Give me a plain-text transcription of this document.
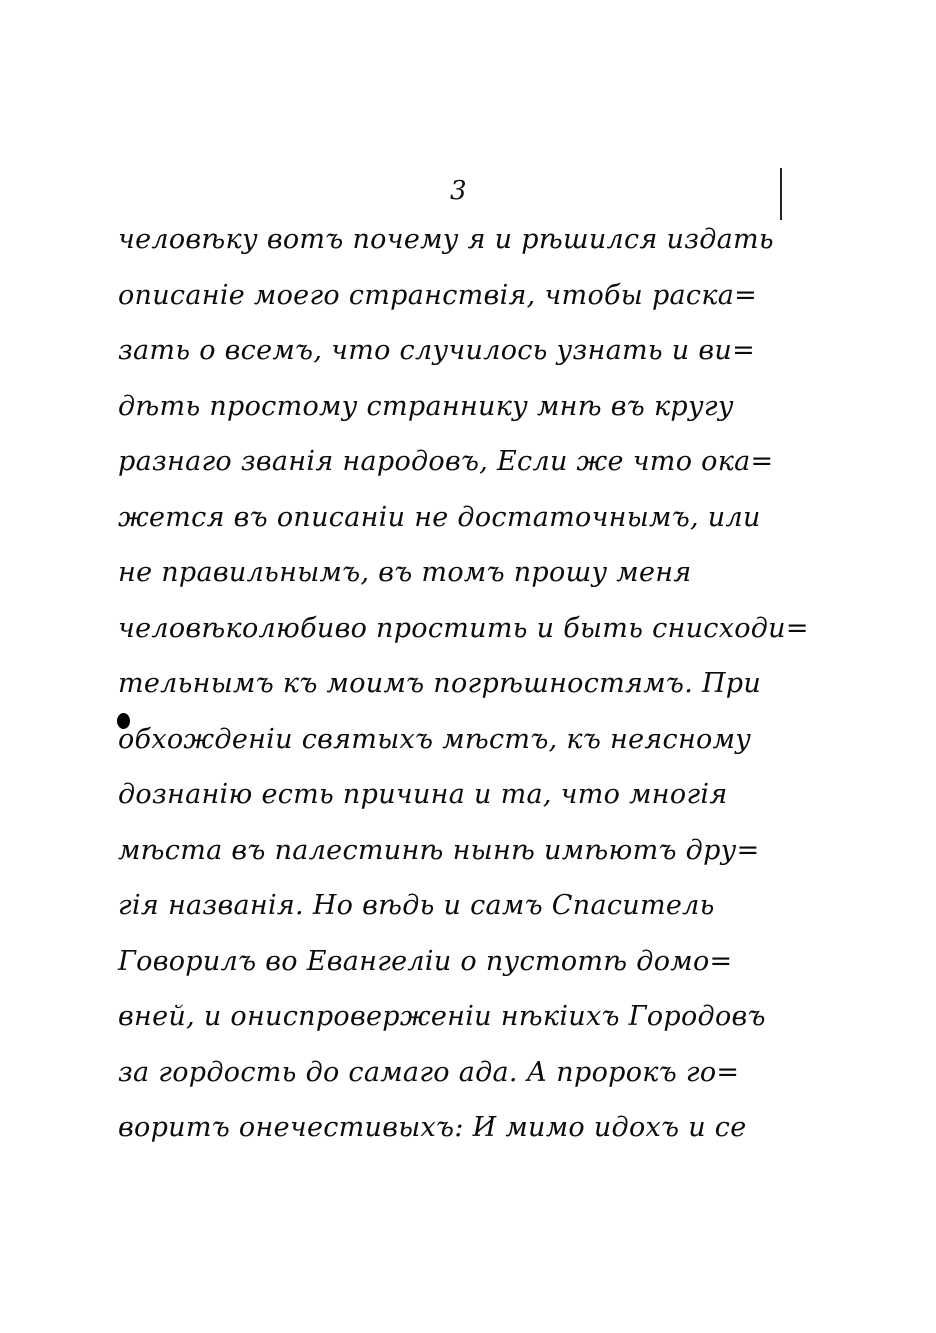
3
человѣку вотъ почему я и рѣшился издать
описаніе моего странствія, чтобы раска=
зать о всемъ, что случилось узнать и ви=
дѣть простому страннику мнѣ въ кругу
разнаго званія народовъ, Если же что ока=
жется въ описаніи не достаточнымъ, или
не правильнымъ, въ томъ прошу меня
человѣколюбиво простить и быть снисходи=
тельнымъ къ моимъ погрѣшностямъ. При
обхожденіи святыхъ мѣстъ, къ неясному
дознанію есть причина и та, что многія
мѣста въ палестинѣ нынѣ имѣютъ дру=
гія названія. Но вѣдь и самъ Спаситель
Говорилъ во Евангеліи о пустотѣ домо=
вней, и ониспроверженіи нѣкіихъ Городовъ
за гордость до самаго ада. А пророкъ го=
воритъ онечестивыхъ: И мимо идохъ и се
